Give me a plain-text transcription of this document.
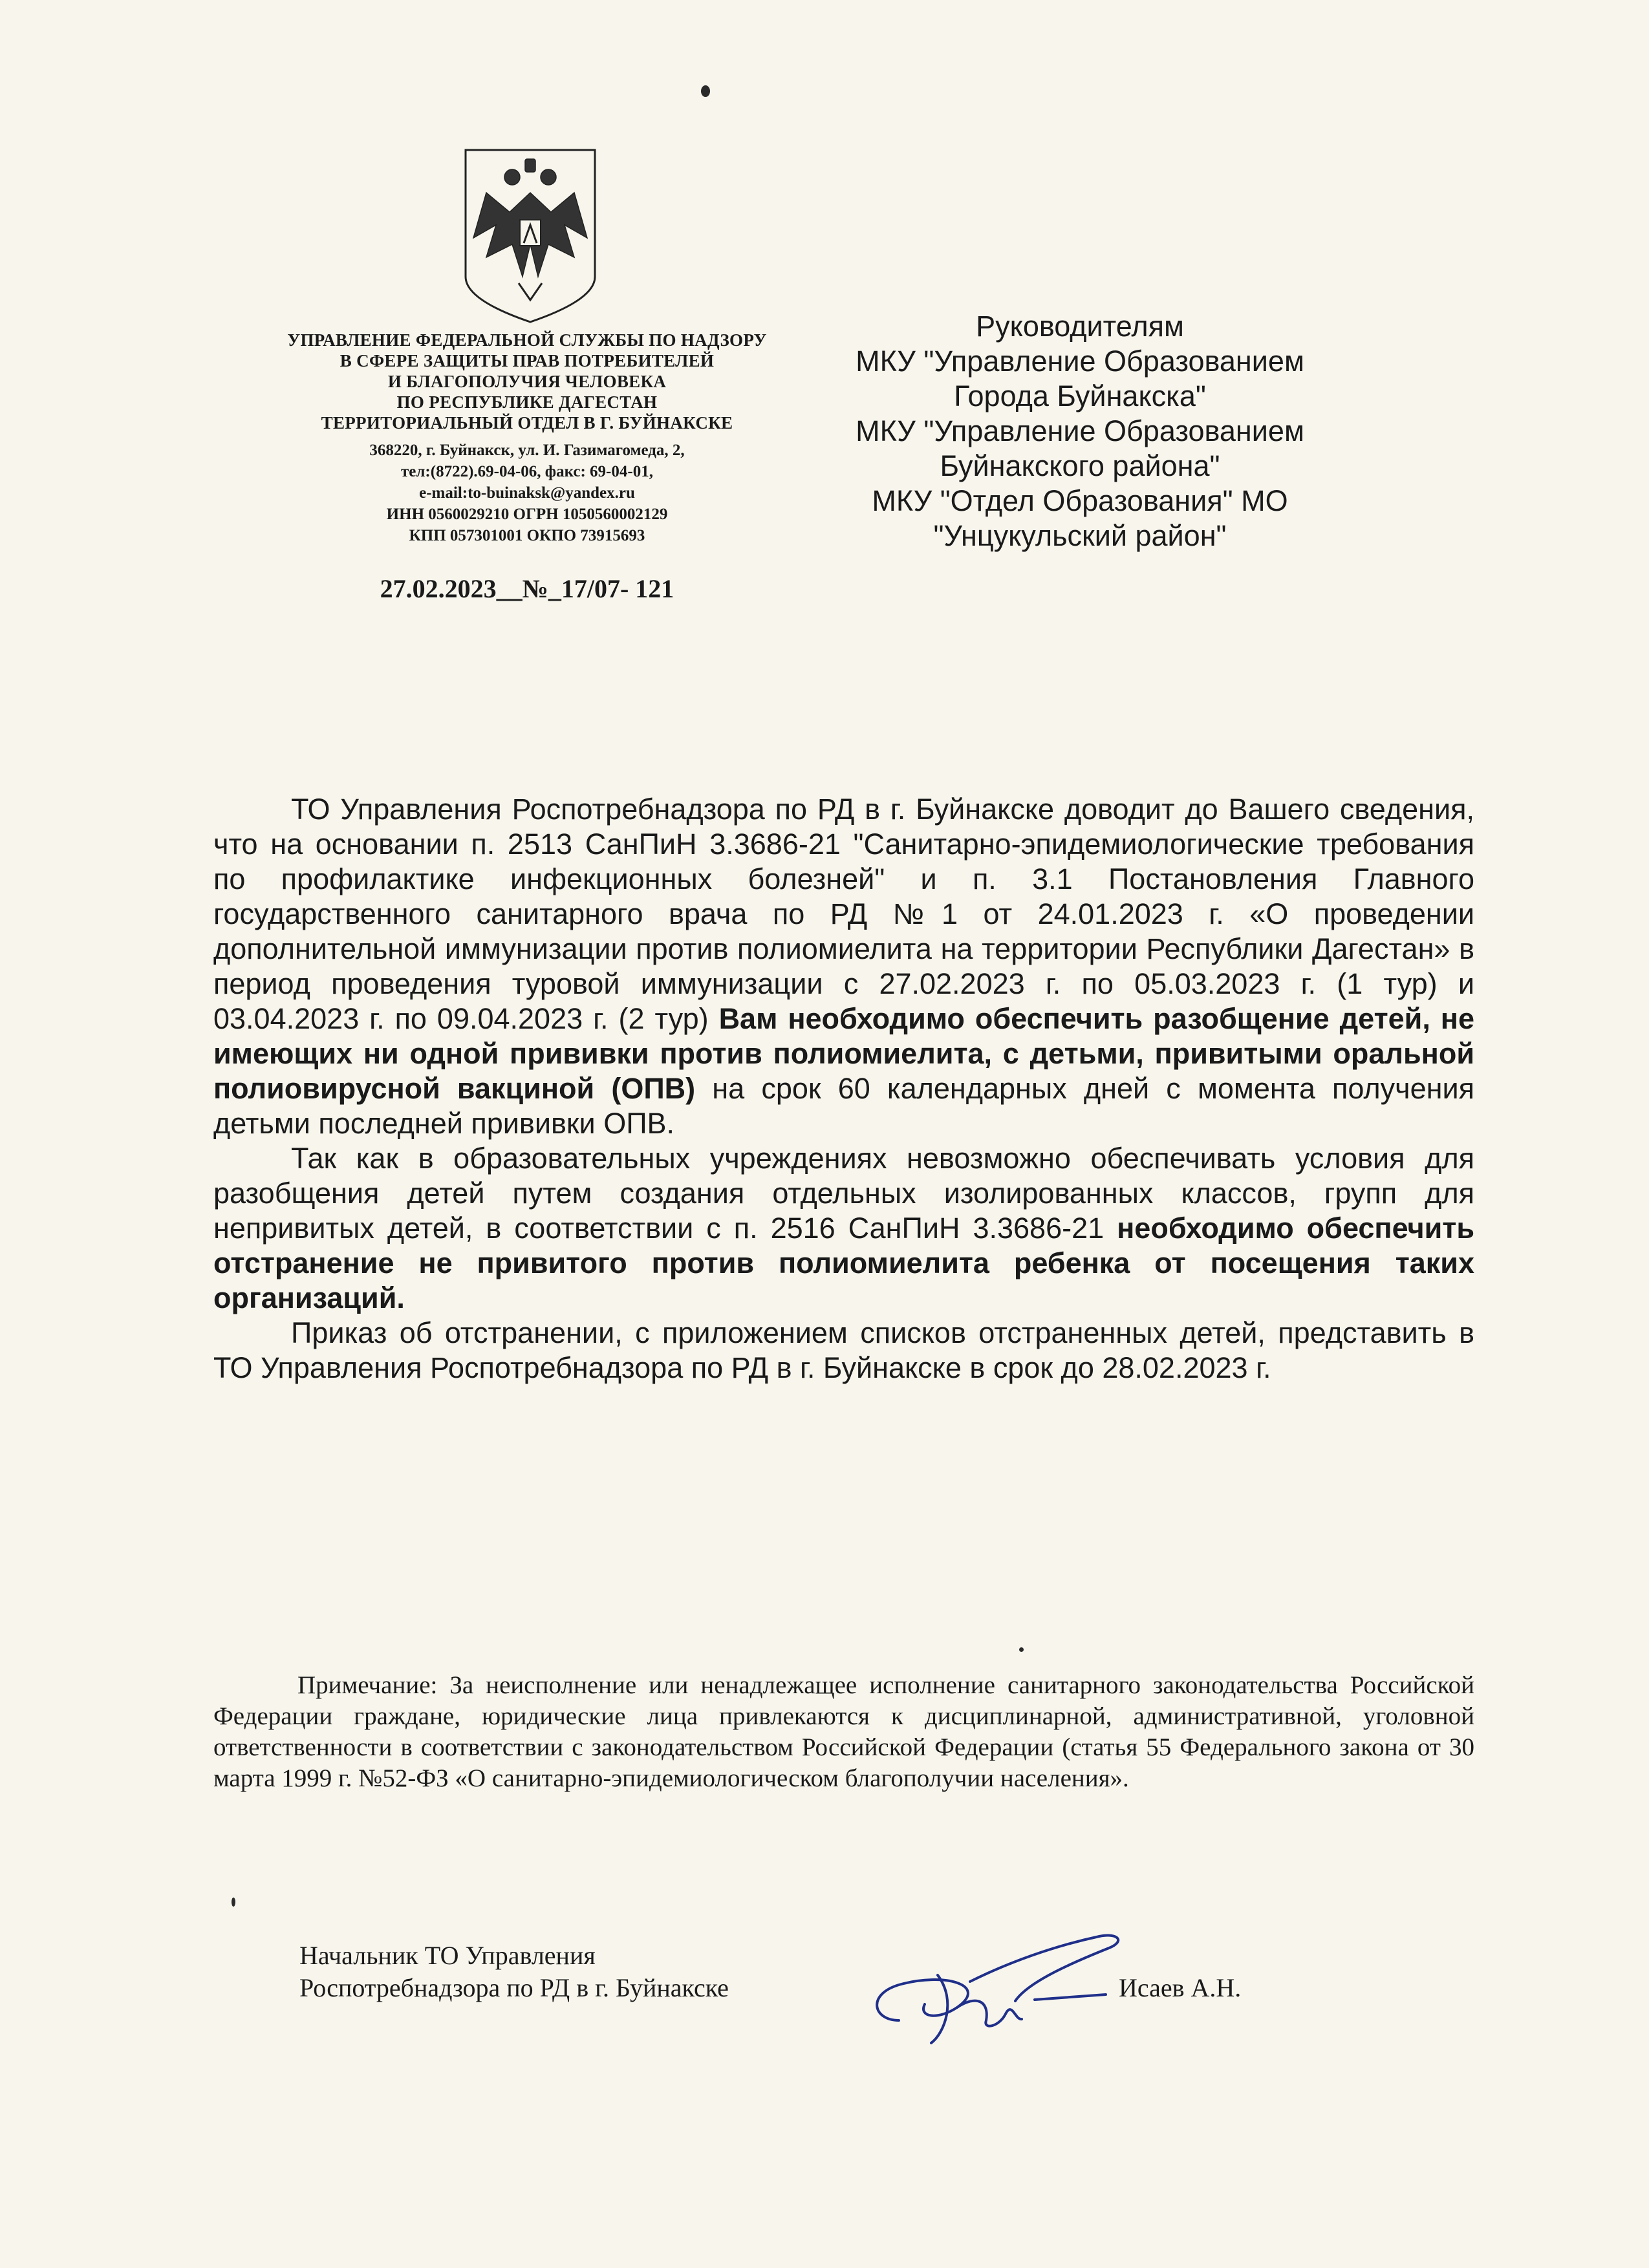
УПРАВЛЕНИЕ ФЕДЕРАЛЬНОЙ СЛУЖБЫ ПО НАДЗОРУ
В СФЕРЕ ЗАЩИТЫ ПРАВ ПОТРЕБИТЕЛЕЙ
И БЛАГОПОЛУЧИЯ ЧЕЛОВЕКА
ПО РЕСПУБЛИКЕ ДАГЕСТАН
ТЕРРИТОРИАЛЬНЫЙ ОТДЕЛ В Г. БУЙНАКСКЕ
368220, г. Буйнакск, ул. И. Газимагомеда, 2,
тел:(8722).69-04-06, факс: 69-04-01,
e-mail:to-buinaksk@yandex.ru
ИНН 0560029210 ОГРН 1050560002129
КПП 057301001 ОКПО 73915693
27.02.2023__№_17/07- 121
Руководителям
МКУ "Управление Образованием
Города Буйнакска"
МКУ "Управление Образованием
Буйнакского района"
МКУ "Отдел Образования" МО
"Унцукульский район"

ТО Управления Роспотребнадзора по РД в г. Буйнакске доводит до Вашего сведения, что на основании п. 2513 СанПиН 3.3686-21 "Санитарно-эпидемиологические требования по профилактике инфекционных болезней" и п. 3.1 Постановления Главного государственного санитарного врача по РД №1 от 24.01.2023 г. «О проведении дополнительной иммунизации против полиомиелита на территории Республики Дагестан» в период проведения туровой иммунизации с 27.02.2023 г. по 05.03.2023 г. (1 тур) и 03.04.2023 г. по 09.04.2023 г. (2 тур) Вам необходимо обеспечить разобщение детей, не имеющих ни одной прививки против полиомиелита, с детьми, привитыми оральной полиовирусной вакциной (ОПВ) на срок 60 календарных дней с момента получения детьми последней прививки ОПВ.

Так как в образовательных учреждениях невозможно обеспечивать условия для разобщения детей путем создания отдельных изолированных классов, групп для непривитых детей, в соответствии с п. 2516 СанПиН 3.3686-21 необходимо обеспечить отстранение не привитого против полиомиелита ребенка от посещения таких организаций.

Приказ об отстранении, с приложением списков отстраненных детей, представить в ТО Управления Роспотребнадзора по РД в г. Буйнакске в срок до 28.02.2023 г.

Примечание: За неисполнение или ненадлежащее исполнение санитарного законодательства Российской Федерации граждане, юридические лица привлекаются к дисциплинарной, административной, уголовной ответственности в соответствии с законодательством Российской Федерации (статья 55 Федерального закона от 30 марта 1999 г. №52-ФЗ «О санитарно-эпидемиологическом благополучии населения».
Начальник ТО Управления
Роспотребнадзора по РД в г. Буйнакске	Исаев А.Н.
